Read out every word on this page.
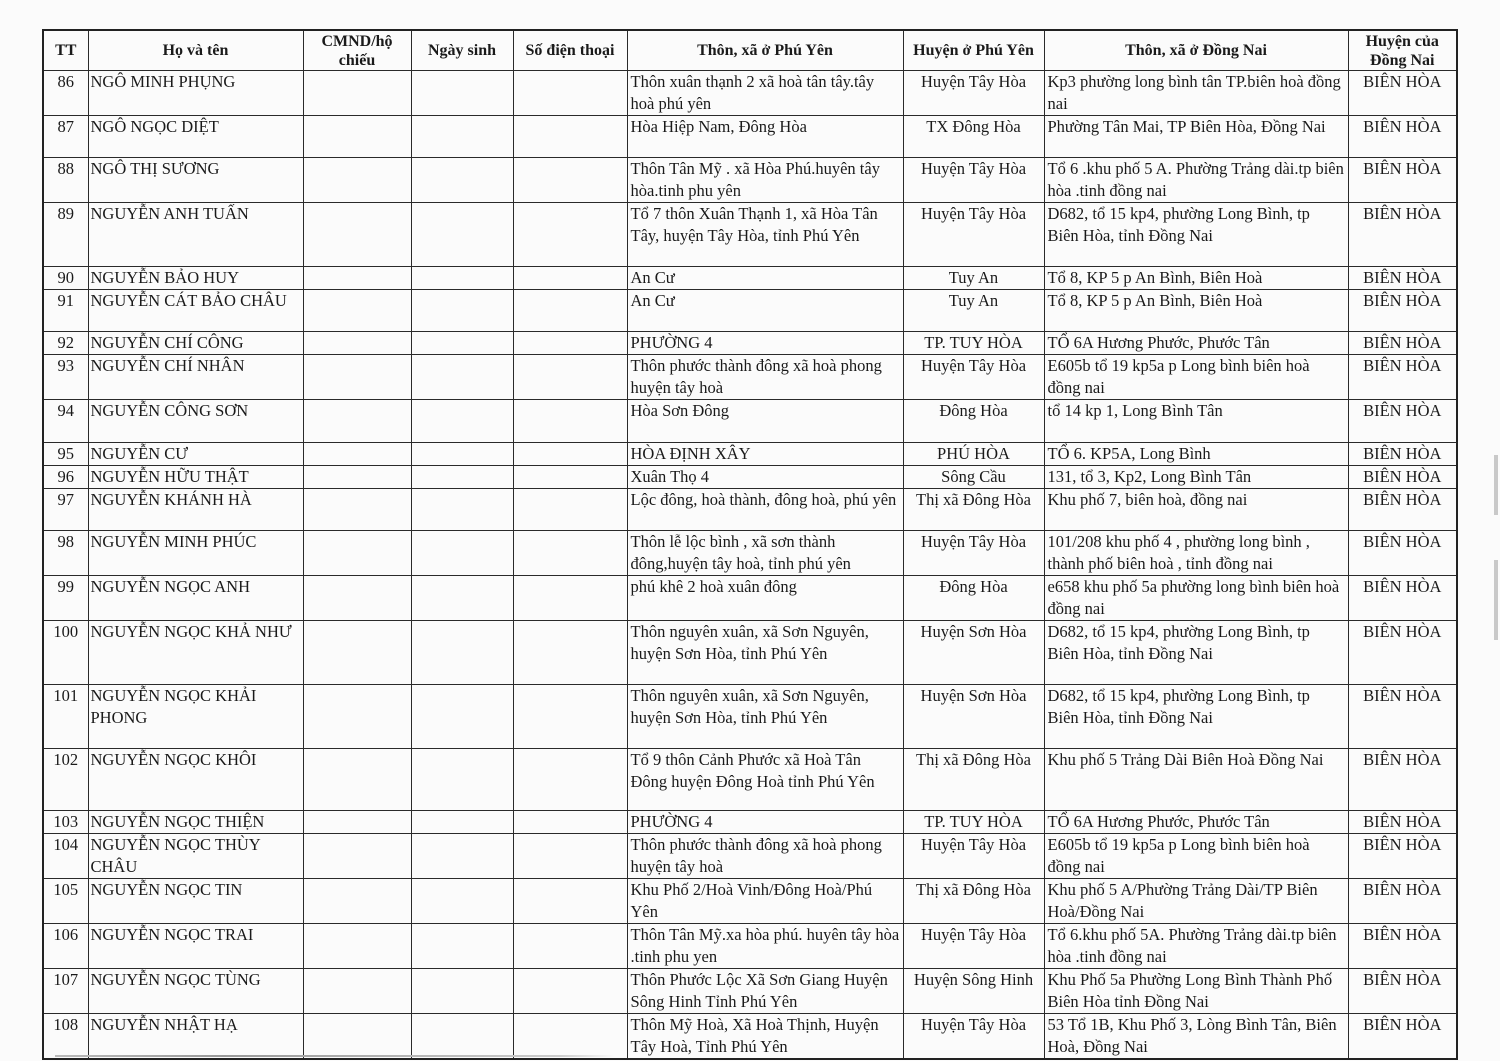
TT	Họ và tên	CMND/hộ chiếu	Ngày sinh	Số điện thoại	Thôn, xã ở Phú Yên	Huyện ở Phú Yên	Thôn, xã ở Đồng Nai	Huyện của Đồng Nai
86	NGÔ MINH PHỤNG				Thôn xuân thạnh 2 xã hoà tân tây.tây hoà phú yên	Huyện Tây Hòa	Kp3 phường long bình tân TP.biên hoà đồng nai	BIÊN HÒA
87	NGÔ NGỌC DIỆT				Hòa Hiệp Nam, Đông Hòa	TX Đông Hòa	Phường Tân Mai, TP Biên Hòa, Đồng Nai	BIÊN HÒA
88	NGÔ THỊ SƯƠNG				Thôn Tân Mỹ . xã Hòa Phú.huyên tây hòa.tinh phu yên	Huyện Tây Hòa	Tổ 6 .khu phố 5 A. Phường Trảng dài.tp biên hòa .tinh đồng nai	BIÊN HÒA
89	NGUYỄN ANH TUẤN				Tổ 7 thôn Xuân Thạnh 1, xã Hòa Tân Tây, huyện Tây Hòa, tỉnh Phú Yên	Huyện Tây Hòa	D682, tổ 15 kp4, phường Long Bình, tp Biên Hòa, tỉnh Đồng Nai	BIÊN HÒA
90	NGUYỄN BẢO HUY				An Cư	Tuy An	Tổ 8, KP 5 p An Bình, Biên Hoà	BIÊN HÒA
91	NGUYỄN CÁT BẢO CHÂU				An Cư	Tuy An	Tổ 8, KP 5 p An Bình, Biên Hoà	BIÊN HÒA
92	NGUYỄN CHÍ CÔNG				PHƯỜNG 4	TP. TUY HÒA	TỔ 6A Hương Phước, Phước Tân	BIÊN HÒA
93	NGUYỄN CHÍ NHÂN				Thôn phước thành đông xã hoà phong huyện tây hoà	Huyện Tây Hòa	E605b tổ 19 kp5a p Long bình biên hoà đồng nai	BIÊN HÒA
94	NGUYỄN CÔNG SƠN				Hòa Sơn Đông	Đông Hòa	tổ 14 kp 1, Long Bình Tân	BIÊN HÒA
95	NGUYỄN CƯ				HÒA ĐỊNH XÂY	PHÚ HÒA	TỔ 6. KP5A, Long Bình	BIÊN HÒA
96	NGUYỄN HỮU THẬT				Xuân Thọ 4	Sông Cầu	131, tổ 3, Kp2, Long Bình Tân	BIÊN HÒA
97	NGUYỄN KHÁNH HÀ				Lộc đông, hoà thành, đông hoà, phú yên	Thị xã Đông Hòa	Khu phố 7, biên hoà, đồng nai	BIÊN HÒA
98	NGUYỄN MINH PHÚC				Thôn lễ lộc bình , xã sơn thành đông,huyện tây hoà, tỉnh phú yên	Huyện Tây Hòa	101/208 khu phố 4 , phường long bình , thành phố biên hoà , tỉnh đồng nai	BIÊN HÒA
99	NGUYỄN NGỌC ANH				phú khê 2 hoà xuân đông	Đông Hòa	e658 khu phố 5a phường long bình biên hoà đồng nai	BIÊN HÒA
100	NGUYỄN NGỌC KHẢ NHƯ				Thôn nguyên xuân, xã Sơn Nguyên, huyện Sơn Hòa, tỉnh Phú Yên	Huyện Sơn Hòa	D682, tổ 15 kp4, phường Long Bình, tp Biên Hòa, tỉnh Đồng Nai	BIÊN HÒA
101	NGUYỄN NGỌC KHẢI PHONG				Thôn nguyên xuân, xã Sơn Nguyên, huyện Sơn Hòa, tỉnh Phú Yên	Huyện Sơn Hòa	D682, tổ 15 kp4, phường Long Bình, tp Biên Hòa, tỉnh Đồng Nai	BIÊN HÒA
102	NGUYỄN NGỌC KHÔI				Tổ 9 thôn Cảnh Phước xã Hoà Tân Đông huyện Đông Hoà tỉnh Phú Yên	Thị xã Đông Hòa	Khu phố 5 Trảng Dài Biên Hoà Đồng Nai	BIÊN HÒA
103	NGUYỄN NGỌC THIỆN				PHƯỜNG 4	TP. TUY HÒA	TỔ 6A Hương Phước, Phước Tân	BIÊN HÒA
104	NGUYỄN NGỌC THÙY CHÂU				Thôn phước thành đông xã hoà phong huyện tây hoà	Huyện Tây Hòa	E605b tổ 19 kp5a p Long bình biên hoà đồng nai	BIÊN HÒA
105	NGUYỄN NGỌC TIN				Khu Phố 2/Hoà Vinh/Đông Hoà/Phú Yên	Thị xã Đông Hòa	Khu phố 5 A/Phường Trảng Dài/TP Biên Hoà/Đồng Nai	BIÊN HÒA
106	NGUYỄN NGỌC TRAI				Thôn Tân Mỹ.xa hòa phú. huyên tây hòa .tinh phu yen	Huyện Tây Hòa	Tổ 6.khu phố 5A. Phường Trảng dài.tp biên hòa .tinh đồng nai	BIÊN HÒA
107	NGUYỄN NGỌC TÙNG				Thôn Phước Lộc Xã Sơn Giang Huyện Sông Hinh Tỉnh Phú Yên	Huyện Sông Hinh	Khu Phố 5a Phường Long Bình Thành Phố Biên Hòa tỉnh Đồng Nai	BIÊN HÒA
108	NGUYỄN NHẬT HẠ				Thôn Mỹ Hoà, Xã Hoà Thịnh, Huyện Tây Hoà, Tỉnh Phú Yên	Huyện Tây Hòa	53 Tổ 1B, Khu Phố 3, Lòng Bình Tân, Biên Hoà, Đồng Nai	BIÊN HÒA
